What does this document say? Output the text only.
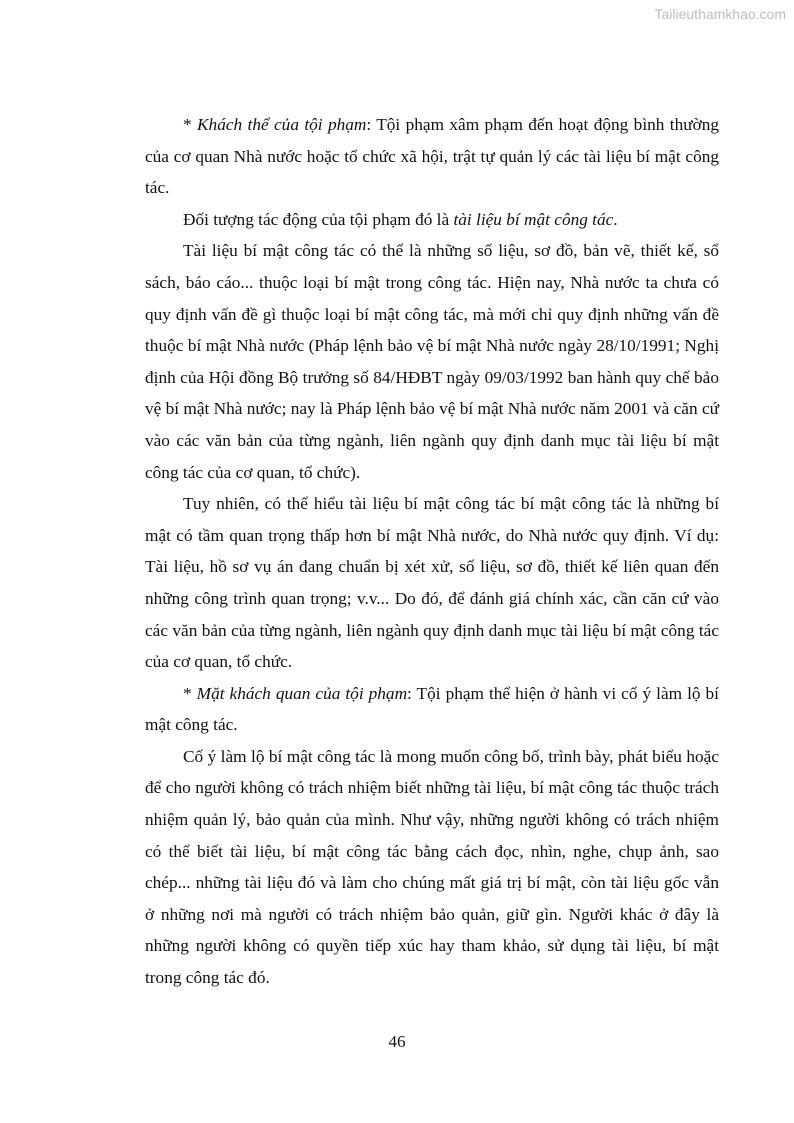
Tailieuthamkhao.com

* Khách thể của tội phạm: Tội phạm xâm phạm đến hoạt động bình thường của cơ quan Nhà nước hoặc tổ chức xã hội, trật tự quản lý các tài liệu bí mật công tác.

Đối tượng tác động của tội phạm đó là tài liệu bí mật công tác.

Tài liệu bí mật công tác có thể là những số liệu, sơ đồ, bản vẽ, thiết kế, sổ sách, báo cáo... thuộc loại bí mật trong công tác. Hiện nay, Nhà nước ta chưa có quy định vấn đề gì thuộc loại bí mật công tác, mà mới chỉ quy định những vấn đề thuộc bí mật Nhà nước (Pháp lệnh bảo vệ bí mật Nhà nước ngày 28/10/1991; Nghị định của Hội đồng Bộ trưởng số 84/HĐBT ngày 09/03/1992 ban hành quy chế bảo vệ bí mật Nhà nước; nay là Pháp lệnh bảo vệ bí mật Nhà nước năm 2001 và căn cứ vào các văn bản của từng ngành, liên ngành quy định danh mục tài liệu bí mật công tác của cơ quan, tổ chức).

Tuy nhiên, có thể hiểu tài liệu bí mật công tác bí mật công tác là những bí mật có tầm quan trọng thấp hơn bí mật Nhà nước, do Nhà nước quy định. Ví dụ: Tài liệu, hồ sơ vụ án đang chuẩn bị xét xử, số liệu, sơ đồ, thiết kế liên quan đến những công trình quan trọng; v.v... Do đó, để đánh giá chính xác, cần căn cứ vào các văn bản của từng ngành, liên ngành quy định danh mục tài liệu bí mật công tác của cơ quan, tổ chức.

* Mặt khách quan của tội phạm: Tội phạm thể hiện ở hành vi cố ý làm lộ bí mật công tác.

Cố ý làm lộ bí mật công tác là mong muốn công bố, trình bày, phát biểu hoặc để cho người không có trách nhiệm biết những tài liệu, bí mật công tác thuộc trách nhiệm quản lý, bảo quản của mình. Như vậy, những người không có trách nhiệm có thể biết tài liệu, bí mật công tác bằng cách đọc, nhìn, nghe, chụp ảnh, sao chép... những tài liệu đó và làm cho chúng mất giá trị bí mật, còn tài liệu gốc vẫn ở những nơi mà người có trách nhiệm bảo quản, giữ gìn. Người khác ở đây là những người không có quyền tiếp xúc hay tham khảo, sử dụng tài liệu, bí mật trong công tác đó.

46
